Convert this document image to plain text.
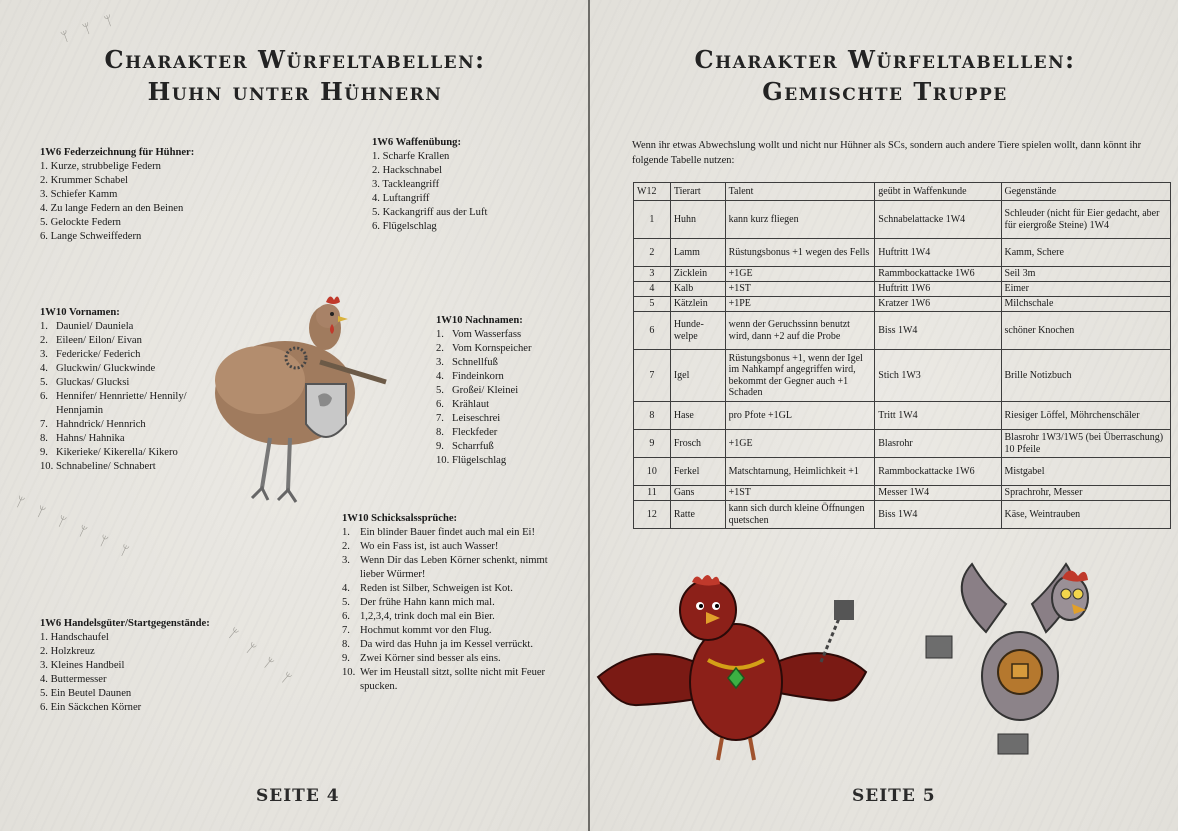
ᛘ ᛘ ᛘ
ᛘ ᛘ ᛘ ᛘ ᛘ ᛘ
ᛘ ᛘ ᛘ ᛘ
Charakter Würfeltabellen:
Huhn unter Hühnern
1W6 Federzeichnung für Hühner:
1. Kurze, strubbelige Federn
2. Krummer Schabel
3. Schiefer Kamm
4. Zu lange Federn an den Beinen
5. Gelockte Federn
6. Lange Schweiffedern
1W6 Waffenübung:
1. Scharfe Krallen
2. Hackschnabel
3. Tackleangriff
4. Luftangriff
5. Kackangriff aus der Luft
6. Flügelschlag
1W10 Vornamen:
1. Dauniel/ Dauniela
2. Eileen/ Eilon/ Eivan
3. Federicke/ Federich
4. Gluckwin/ Gluckwinde
5. Gluckas/ Glucksi
6. Hennifer/ Hennriette/ Hennily/ Hennjamin
7. Hahndrick/ Hennrich
8. Hahns/ Hahnika
9. Kikerieke/ Kikerella/ Kikero
10. Schnabeline/ Schnabert
1W10 Nachnamen:
1. Vom Wasserfass
2. Vom Kornspeicher
3. Schnellfuß
4. Findeinkorn
5. Großei/ Kleinei
6. Krählaut
7. Leiseschrei
8. Fleckfeder
9. Scharrfuß
10. Flügelschlag
1W10 Schicksalssprüche:
1. Ein blinder Bauer findet auch mal ein Ei!
2. Wo ein Fass ist, ist auch Wasser!
3. Wenn Dir das Leben Körner schenkt, nimmt lieber Würmer!
4. Reden ist Silber, Schweigen ist Kot.
5. Der frühe Hahn kann mich mal.
6. 1,2,3,4, trink doch mal ein Bier.
7. Hochmut kommt vor den Flug.
8. Da wird das Huhn ja im Kessel verrückt.
9. Zwei Körner sind besser als eins.
10. Wer im Heustall sitzt, sollte nicht mit Feuer spucken.
1W6 Handelsgüter/Startgegenstände:
1. Handschaufel
2. Holzkreuz
3. Kleines Handbeil
4. Buttermesser
5. Ein Beutel Daunen
6. Ein Säckchen Körner
SEITE 4
Charakter Würfeltabellen:
Gemischte Truppe
Wenn ihr etwas Abwechslung wollt und nicht nur Hühner als SCs, sondern auch andere Tiere spielen wollt, dann könnt ihr folgende Tabelle nutzen:
W12	Tierart	Talent	geübt in Waffenkunde	Gegenstände
1	Huhn	kann kurz fliegen	Schnabelattacke 1W4	Schleuder (nicht für Eier gedacht, aber für eiergroße Steine) 1W4
2	Lamm	Rüstungsbonus +1 wegen des Fells	Huftritt 1W4	Kamm, Schere
3	Zicklein	+1GE	Rammbockattacke 1W6	Seil 3m
4	Kalb	+1ST	Huftritt 1W6	Eimer
5	Kätzlein	+1PE	Kratzer 1W6	Milchschale
6	Hunde-welpe	wenn der Geruchssinn benutzt wird, dann +2 auf die Probe	Biss 1W4	schöner Knochen
7	Igel	Rüstungsbonus +1, wenn der Igel im Nahkampf angegriffen wird, bekommt der Gegner auch +1 Schaden	Stich 1W3	Brille Notizbuch
8	Hase	pro Pfote +1GL	Tritt 1W4	Riesiger Löffel, Möhrchenschäler
9	Frosch	+1GE	Blasrohr	Blasrohr 1W3/1W5 (bei Überraschung) 10 Pfeile
10	Ferkel	Matschtarnung, Heimlichkeit +1	Rammbockattacke 1W6	Mistgabel
11	Gans	+1ST	Messer 1W4	Sprachrohr, Messer
12	Ratte	kann sich durch kleine Öffnungen quetschen	Biss 1W4	Käse, Weintrauben
SEITE 5
